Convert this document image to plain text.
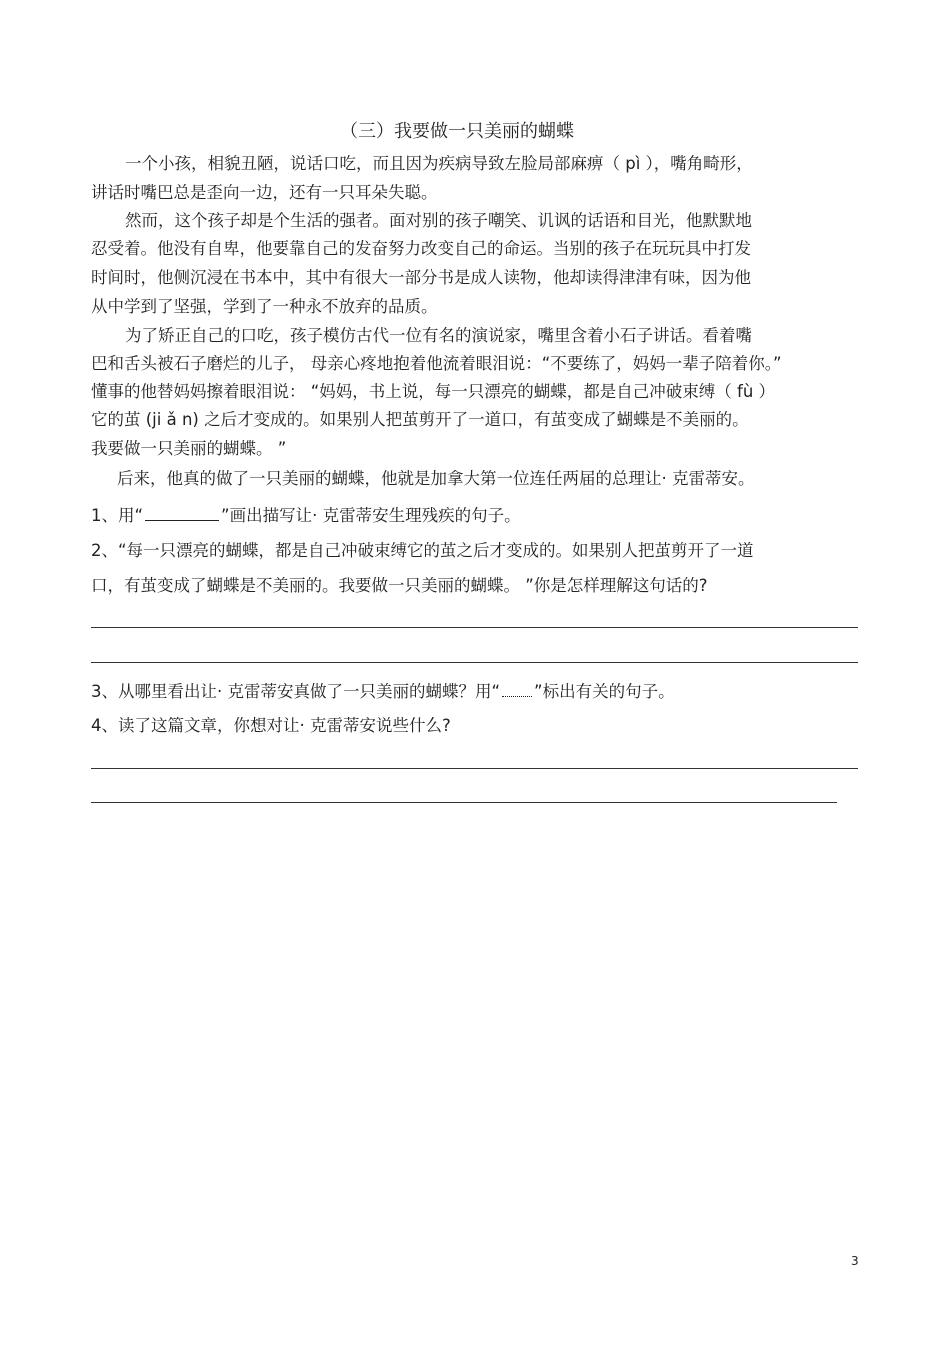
（三）我要做一只美丽的蝴蝶
一个小孩，相貌丑陋，说话口吃，而且因为疾病导致左脸局部麻痹（ pì ），嘴角畸形，
讲话时嘴巴总是歪向一边，还有一只耳朵失聪。
然而，这个孩子却是个生活的强者。面对别的孩子嘲笑、讥讽的话语和目光，他默默地
忍受着。他没有自卑，他要靠自己的发奋努力改变自己的命运。当别的孩子在玩玩具中打发
时间时，他侧沉浸在书本中，其中有很大一部分书是成人读物，他却读得津津有味，因为他
从中学到了坚强，学到了一种永不放弃的品质。
为了矫正自己的口吃，孩子模仿古代一位有名的演说家，嘴里含着小石子讲话。看着嘴
巴和舌头被石子磨烂的儿子， 母亲心疼地抱着他流着眼泪说：“不要练了，妈妈一辈子陪着你。”
懂事的他替妈妈擦着眼泪说： “妈妈，书上说，每一只漂亮的蝴蝶，都是自己冲破束缚（ fù ）
它的茧 (ji ǎ n) 之后才变成的。如果别人把茧剪开了一道口，有茧变成了蝴蝶是不美丽的。
我要做一只美丽的蝴蝶。 ”
后来，他真的做了一只美丽的蝴蝶，他就是加拿大第一位连任两届的总理让· 克雷蒂安。
1、用“	”画出描写让· 克雷蒂安生理残疾的句子。
2、“每一只漂亮的蝴蝶，都是自己冲破束缚它的茧之后才变成的。如果别人把茧剪开了一道
口，有茧变成了蝴蝶是不美丽的。我要做一只美丽的蝴蝶。 ”你是怎样理解这句话的?
3、从哪里看出让· 克雷蒂安真做了一只美丽的蝴蝶？用“ ”标出有关的句子。
4、读了这篇文章，你想对让· 克雷蒂安说些什么?
3
